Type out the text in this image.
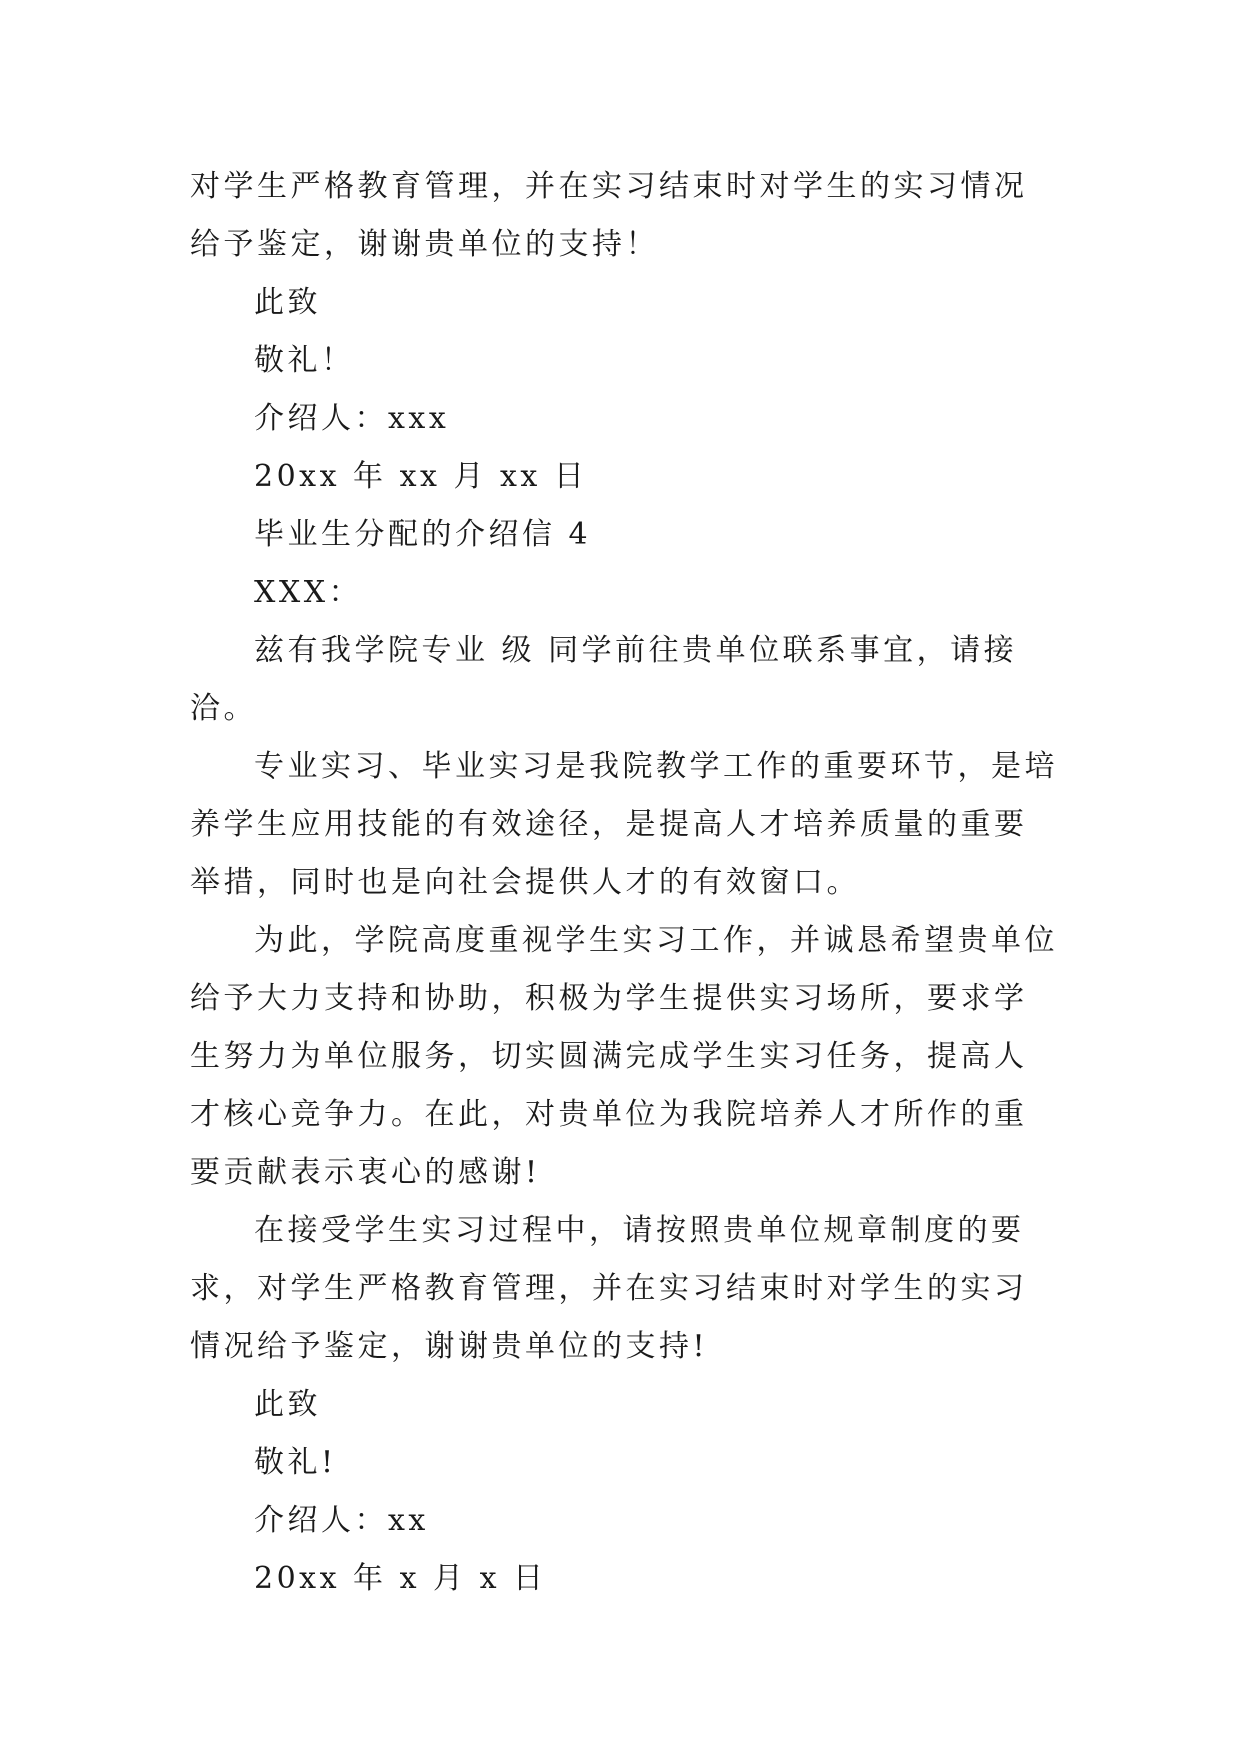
对学生严格教育管理，并在实习结束时对学生的实习情况给予鉴定，谢谢贵单位的支持！

此致

敬礼！

介绍人：xxx

20xx 年 xx 月 xx 日

毕业生分配的介绍信 4

XXX：

兹有我学院专业 级 同学前往贵单位联系事宜，请接洽。

专业实习、毕业实习是我院教学工作的重要环节，是培养学生应用技能的有效途径，是提高人才培养质量的重要举措，同时也是向社会提供人才的有效窗口。

为此，学院高度重视学生实习工作，并诚恳希望贵单位给予大力支持和协助，积极为学生提供实习场所，要求学生努力为单位服务，切实圆满完成学生实习任务，提高人才核心竞争力。在此，对贵单位为我院培养人才所作的重要贡献表示衷心的感谢!

在接受学生实习过程中，请按照贵单位规章制度的要求，对学生严格教育管理，并在实习结束时对学生的实习情况给予鉴定，谢谢贵单位的支持!

此致

敬礼!

介绍人：xx

20xx 年 x 月 x 日
